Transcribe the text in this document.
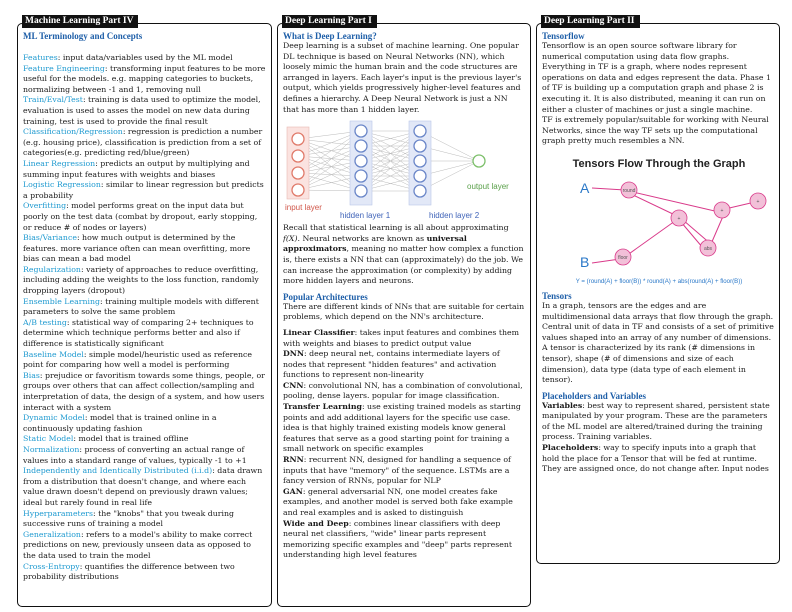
Machine Learning Part IV
ML Terminology and Concepts

Features: input data/variables used by the ML model

Feature Engineering: transforming input features to be more useful for the models. e.g. mapping categories to buckets, normalizing between -1 and 1, removing null

Train/Eval/Test: training is data used to optimize the model, evaluation is used to asses the model on new data during training, test is used to provide the final result

Classification/Regression: regression is prediction a number (e.g. housing price), classification is prediction from a set of categories(e.g. predicting red/blue/green)

Linear Regression: predicts an output by multiplying and summing input features with weights and biases

Logistic Regression: similar to linear regression but predicts a probability

Overfitting: model performs great on the input data but poorly on the test data (combat by dropout, early stopping, or reduce # of nodes or layers)

Bias/Variance: how much output is determined by the features. more variance often can mean overfitting, more bias can mean a bad model

Regularization: variety of approaches to reduce overfitting, including adding the weights to the loss function, randomly dropping layers (dropout)

Ensemble Learning: training multiple models with different parameters to solve the same problem

A/B testing: statistical way of comparing 2+ techniques to determine which technique performs better and also if difference is statistically significant

Baseline Model: simple model/heuristic used as reference point for comparing how well a model is performing

Bias: prejudice or favoritism towards some things, people, or groups over others that can affect collection/sampling and interpretation of data, the design of a system, and how users interact with a system

Dynamic Model: model that is trained online in a continuously updating fashion

Static Model: model that is trained offline

Normalization: process of converting an actual range of values into a standard range of values, typically -1 to +1

Independently and Identically Distributed (i.i.d): data drawn from a distribution that doesn't change, and where each value drawn doesn't depend on previously drawn values; ideal but rarely found in real life

Hyperparameters: the "knobs" that you tweak during successive runs of training a model

Generalization: refers to a model's ability to make correct predictions on new, previously unseen data as opposed to the data used to train the model

Cross-Entropy: quantifies the difference between two probability distributions

Deep Learning Part I
What is Deep Learning?

Deep learning is a subset of machine learning. One popular DL technique is based on Neural Networks (NN), which loosely mimic the human brain and the code structures are arranged in layers. Each layer's input is the previous layer's output, which yields progressively higher-level features and defines a hierarchy. A Deep Neural Network is just a NN that has more than 1 hidden layer.

input layer
hidden layer 1	hidden layer 2
output layer

Recall that statistical learning is all about approximating f(X). Neural networks are known as universal approximators, meaning no matter how complex a function is, there exists a NN that can (approximately) do the job. We can increase the approximation (or complexity) by adding more hidden layers and neurons.

Popular Architectures

There are different kinds of NNs that are suitable for certain problems, which depend on the NN's architecture.

Linear Classifier: takes input features and combines them with weights and biases to predict output value

DNN: deep neural net, contains intermediate layers of nodes that represent "hidden features" and activation functions to represent non-linearity

CNN: convolutional NN, has a combination of convolutional, pooling, dense layers. popular for image classification.

Transfer Learning: use existing trained models as starting points and add additional layers for the specific use case. idea is that highly trained existing models know general features that serve as a good starting point for training a small network on specific examples

RNN: recurrent NN, designed for handling a sequence of inputs that have "memory" of the sequence. LSTMs are a fancy version of RNNs, popular for NLP

GAN: general adversarial NN, one model creates fake examples, and another model is served both fake example and real examples and is asked to distinguish

Wide and Deep: combines linear classifiers with deep neural net classifiers, "wide" linear parts represent memorizing specific examples and "deep" parts represent understanding high level features

Deep Learning Part II
Tensorflow

Tensorflow is an open source software library for numerical computation using data flow graphs. Everything in TF is a graph, where nodes represent operations on data and edges represent the data. Phase 1 of TF is building up a computation graph and phase 2 is executing it. It is also distributed, meaning it can run on either a cluster of machines or just a single machine.

TF is extremely popular/suitable for working with Neural Networks, since the way TF sets up the computational graph pretty much resembles a NN.

Tensors Flow Through the Graph
A
B
round
floor
+
abs
+
+
Y = (round(A) + floor(B)) * round(A) + abs(round(A) + floor(B))
Tensors

In a graph, tensors are the edges and are multidimensional data arrays that flow through the graph. Central unit of data in TF and consists of a set of primitive values shaped into an array of any number of dimensions.

A tensor is characterized by its rank (# dimensions in tensor), shape (# of dimensions and size of each dimension), data type (data type of each element in tensor).

Placeholders and Variables

Variables: best way to represent shared, persistent state manipulated by your program. These are the parameters of the ML model are altered/trained during the training process. Training variables.

Placeholders: way to specify inputs into a graph that hold the place for a Tensor that will be fed at runtime. They are assigned once, do not change after. Input nodes
